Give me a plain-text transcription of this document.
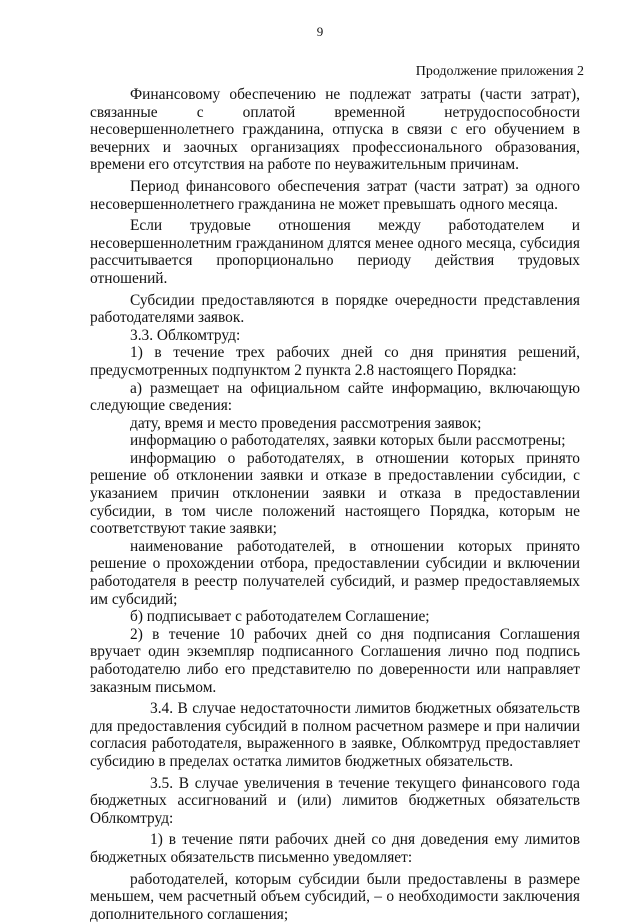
9
Продолжение приложения 2

Финансовому обеспечению не подлежат затраты (части затрат), связанные с оплатой временной нетрудоспособности несовершеннолетнего гражданина, отпуска в связи с его обучением в вечерних и заочных организациях профессионального образования, времени его отсутствия на работе по неуважительным причинам.

Период финансового обеспечения затрат (части затрат) за одного несовершеннолетнего гражданина не может превышать одного месяца.

Если трудовые отношения между работодателем и несовершеннолетним гражданином длятся менее одного месяца, субсидия рассчитывается пропорционально периоду действия трудовых отношений.

Субсидии предоставляются в порядке очередности представления работодателями заявок.

3.3. Облкомтруд:

1) в течение трех рабочих дней со дня принятия решений, предусмотренных подпунктом 2 пункта 2.8 настоящего Порядка:

а) размещает на официальном сайте информацию, включающую следующие сведения:

дату, время и место проведения рассмотрения заявок;

информацию о работодателях, заявки которых были рассмотрены;

информацию о работодателях, в отношении которых принято решение об отклонении заявки и отказе в предоставлении субсидии, с указанием причин отклонении заявки и отказа в предоставлении субсидии, в том числе положений настоящего Порядка, которым не соответствуют такие заявки;

наименование работодателей, в отношении которых принято решение о прохождении отбора, предоставлении субсидии и включении работодателя в реестр получателей субсидий, и размер предоставляемых им субсидий;

б) подписывает с работодателем Соглашение;

2) в течение 10 рабочих дней со дня подписания Соглашения вручает один экземпляр подписанного Соглашения лично под подпись работодателю либо его представителю по доверенности или направляет заказным письмом.

3.4. В случае недостаточности лимитов бюджетных обязательств для предоставления субсидий в полном расчетном размере и при наличии согласия работодателя, выраженного в заявке, Облкомтруд предоставляет субсидию в пределах остатка лимитов бюджетных обязательств.

3.5. В случае увеличения в течение текущего финансового года бюджетных ассигнований и (или) лимитов бюджетных обязательств Облкомтруд:

1) в течение пяти рабочих дней со дня доведения ему лимитов бюджетных обязательств письменно уведомляет:

работодателей, которым субсидии были предоставлены в размере меньшем, чем расчетный объем субсидий, – о необходимости заключения дополнительного соглашения;
